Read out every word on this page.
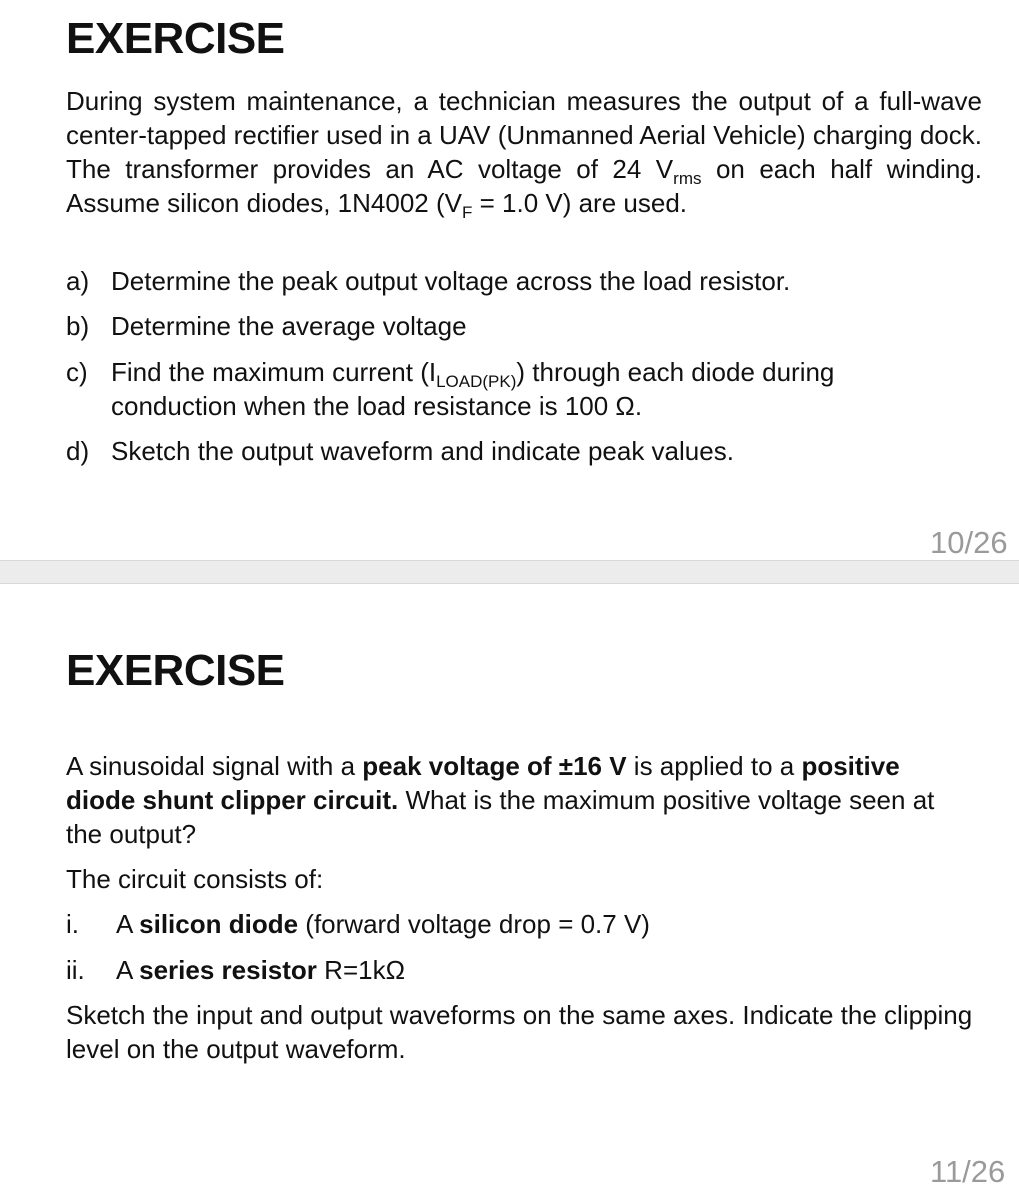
EXERCISE

During system maintenance, a technician measures the output of a full-wave center-tapped rectifier used in a UAV (Unmanned Aerial Vehicle) charging dock. The transformer provides an AC voltage of 24 $V_{rms}$ on each half winding. Assume silicon diodes, 1N4002 ($V_F = 1.0$ V) are used.

a) Determine the peak output voltage across the load resistor.
b) Determine the average voltage
c) Find the maximum current $(I_{LOAD(PK)})$ through each diode during conduction when the load resistance is 100 Ω.
d) Sketch the output waveform and indicate peak values.
10/26
EXERCISE

A sinusoidal signal with a peak voltage of ±16 V is applied to a positive diode shunt clipper circuit. What is the maximum positive voltage seen at the output?

The circuit consists of:

i.	A silicon diode (forward voltage drop = 0.7 V)
ii.	A series resistor R=1kΩ

Sketch the input and output waveforms on the same axes. Indicate the clipping level on the output waveform.

11/26
